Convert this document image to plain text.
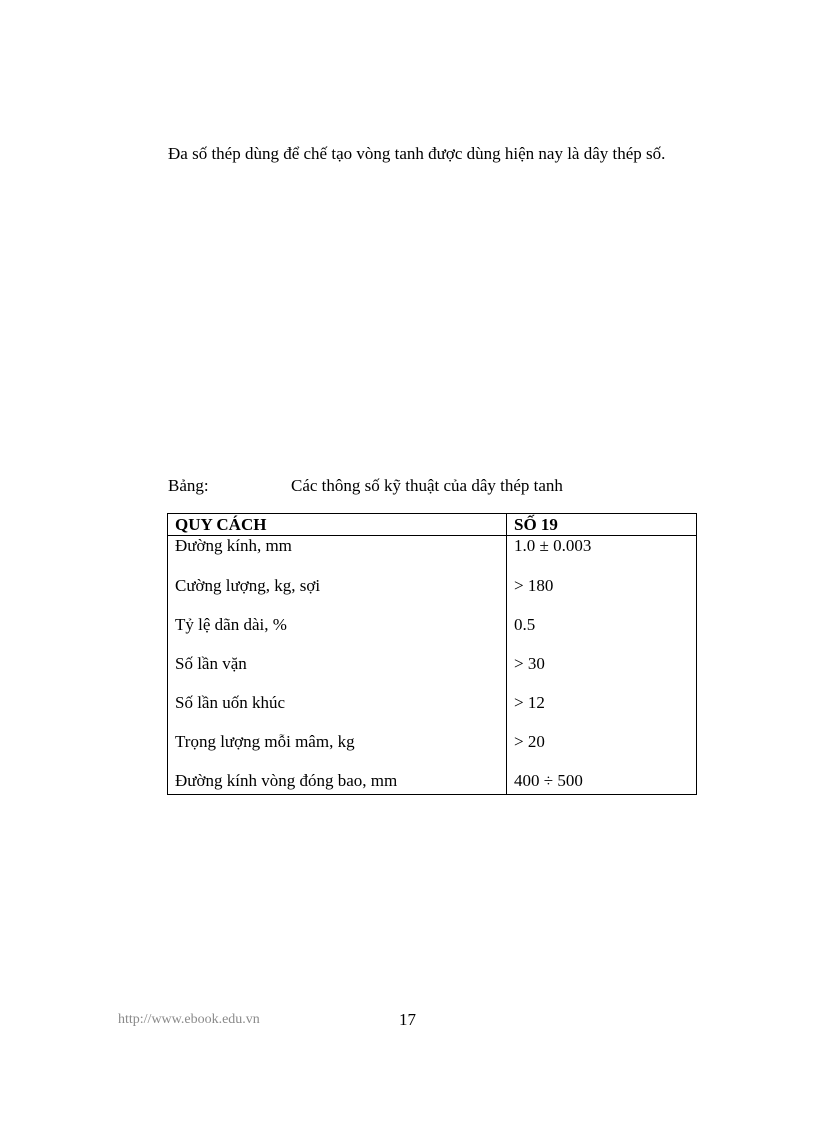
Đa số thép dùng để chế tạo vòng tanh được dùng hiện nay là dây thép số.

Bảng:	Các thông số kỹ thuật của dây thép tanh
QUY CÁCH	SỐ 19
Đường kính, mm	1.0 ± 0.003
Cường lượng, kg, sợi	> 180
Tỷ lệ dãn dài, %	0.5
Số lần vặn	> 30
Số lần uốn khúc	> 12
Trọng lượng mỗi mâm, kg	> 20
Đường kính vòng đóng bao, mm	400 ÷ 500
http://www.ebook.edu.vn	17
